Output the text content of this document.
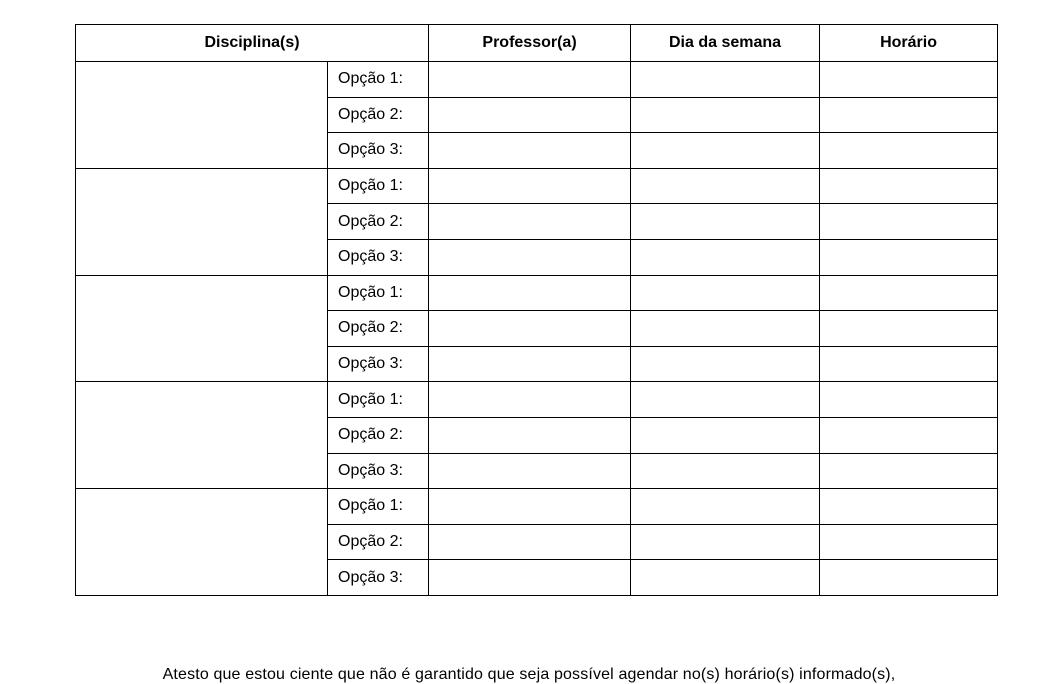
Disciplina(s)		Professor(a)	Dia da semana	Horário
	Opção 1:			
	Opção 2:			
	Opção 3:			
	Opção 1:			
	Opção 2:			
	Opção 3:			
	Opção 1:			
	Opção 2:			
	Opção 3:			
	Opção 1:			
	Opção 2:			
	Opção 3:			
	Opção 1:			
	Opção 2:			
	Opção 3:			

Atesto que estou ciente que não é garantido que seja possível agendar no(s) horário(s) informado(s),
